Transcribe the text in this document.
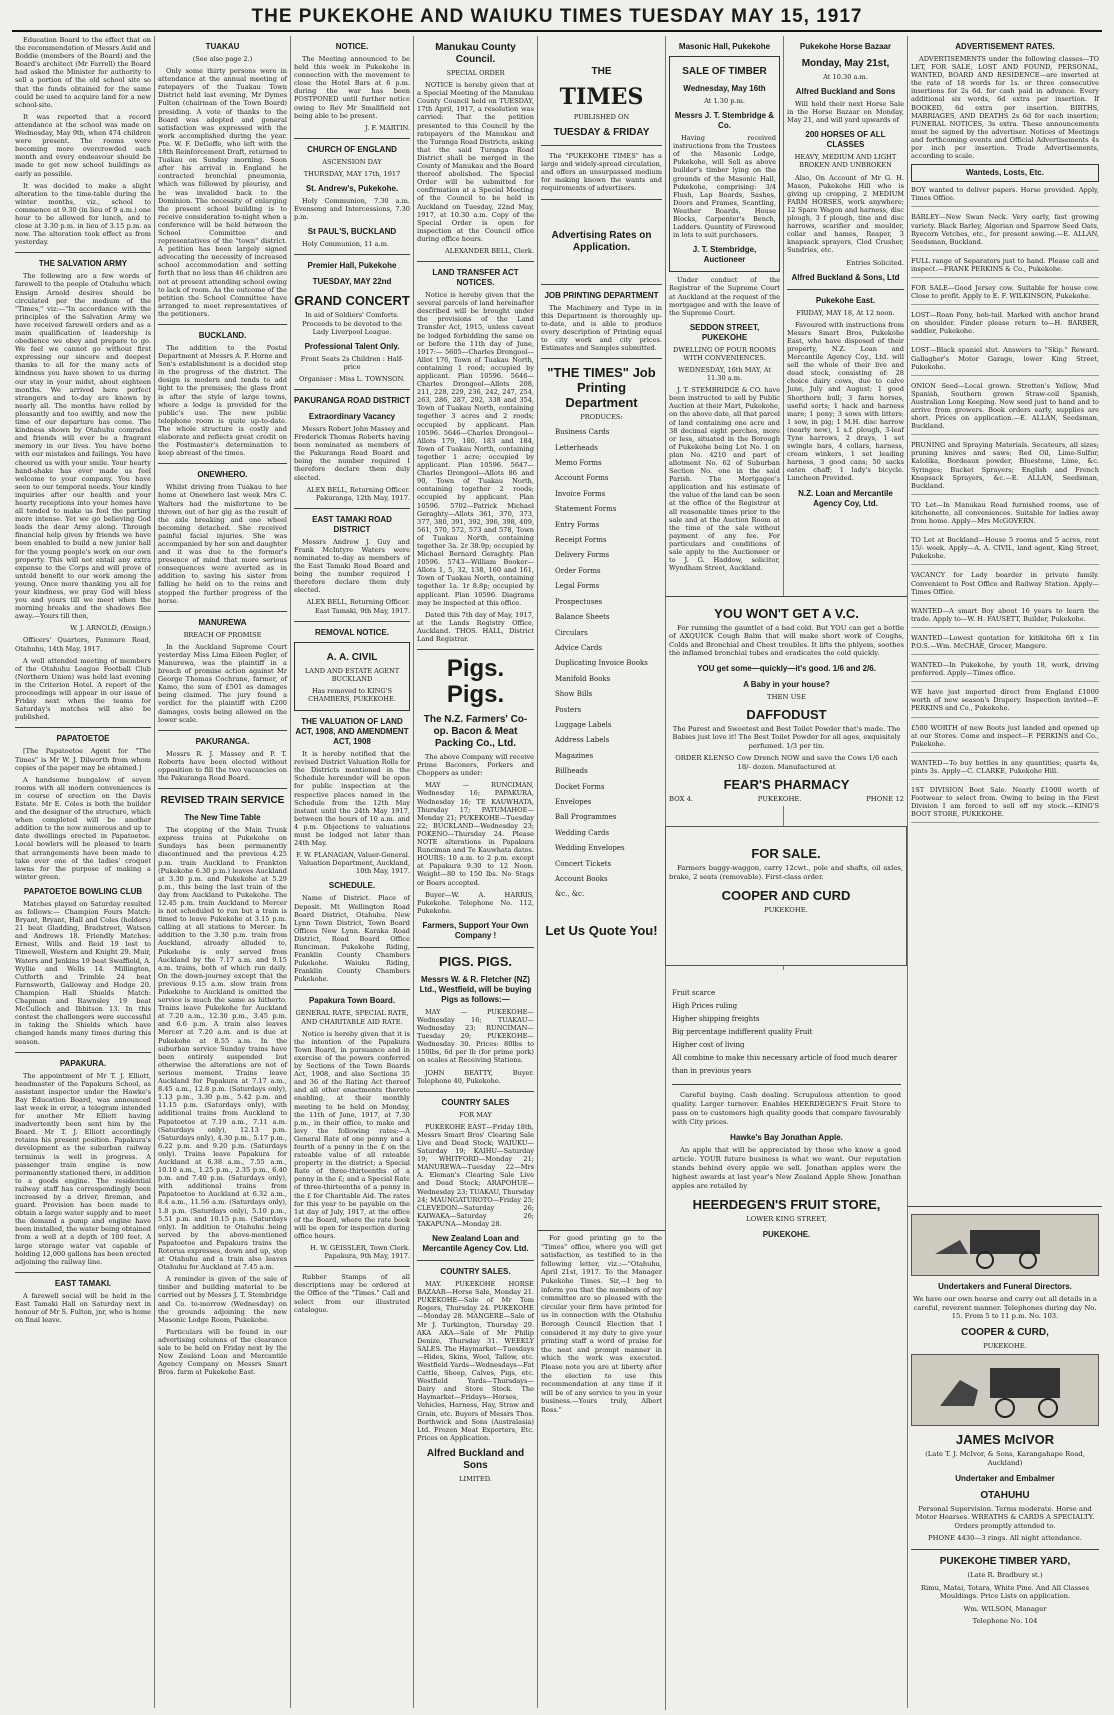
THE PUKEKOHE AND WAIUKU TIMES TUESDAY MAY 15, 1917

Education Board to the effect that on the recommendation of Messrs Auld and Boddie (members of the Board) and the Board's architect (Mr Farrell) the Board had asked the Minister for authority to sell a portion of the old school site so that the funds obtained for the same could be used to acquire land for a new school-site.

It was reported that a record attendance at the school was made on Wednesday, May 9th, when 474 children were present. The rooms were becoming more overcrowded each month and every endeavour should be made to get new school buildings as early as possible.

It was decided to make a slight alteration to the time-table during the winter months, viz., school to commence at 9.30 (in lieu of 9 a.m.) one hour to be allowed for lunch, and to close at 3.30 p.m. in lieu of 3.15 p.m. as now. The alteration took effect as from yesterday.

THE SALVATION ARMY

The following are a few words of farewell to the people of Otahuhu which Ensign Arnold desires should be circulated per the medium of the "Times," viz:—"In accordance with the principles of the Salvation Army we have received farewell orders and as a main qualification of leadership is obedience we obey and prepare to go. We feel we cannot go without first expressing our sincere and deepest thanks to all for the many acts of kindness you have shown to us during our stay in your midst, about eighteen months. We arrived here perfect strangers and to-day are known by nearly all. The months have rolled by pleasantly and too swiftly, and now the time of our departure has come. The kindness shown by Otahuhu comrades and friends will ever be a fragrant memory in our lives. You have borne with our mistakes and failings. You have cheered us with your smile. Your hearty hand-shake has ever made us feel welcome to your company. You have seen to our temporal needs. Your kindly inquiries after our health and your hearty receptions into your homes have all tended to make us feel the parting more intense. Yet we go believing God leads the dear Army along. Through financial help given by friends we have been enabled to build a new junior hall for the young people's work on our own property. This will not entail any extra expense to the Corps and will prove of untold benefit to our work among the young. Once more thanking you all for your kindness, we pray God will bless you and yours till we meet when the morning breaks and the shadows flee away.—Yours till then,

W. J. ARNOLD, (Ensign.)

Officers' Quarters, Panmure Road, Otahuhu, 14th May, 1917.

A well attended meeting of members of the Otahuhu League Football Club (Northern Union) was held last evening in the Criterion Hotel. A report of the proceedings will appear in our issue of Friday next when the teams for Saturday's matches will also be published.

PAPATOETOE

[The Papatoetoe Agent for "The Times" is Mr W. J. Dilworth from whom copies of the paper may be obtained.]

A handsome bungalow of seven rooms with all modern conveniences is in course of erection on the Davis Estate. Mr E. Coles is both the builder and the designer of the structure, which when completed will be another addition to the now numerous and up to date dwellings erected in Papatoetoe. Local bowlers will be pleased to learn that arrangements have been made to take over one of the ladies' croquet lawns for the purpose of making a winter green.

PAPATOETOE BOWLING CLUB

Matches played on Saturday resulted as follows:— Champion Fours Match: Bryant, Bryant, Hall and Coles (holders) 21 beat Gladding, Bradstreet, Watson and Andrews 18. Friendly Matches: Ernest, Wills and Reid 19 lost to Timewell, Western and Knight 29. Muir, Waters and Jenkins 19 beat Swaffield, A. Wyllie and Wells 14. Millington, Cutforth and Trimble 24 beat Farnsworth, Galloway and Hodge 20. Champion Hall Shields Match: Chapman and Rawnsley 19 beat McCulloch and Ibbitson 13. In this contest the challengers were successful in taking the Shields which have changed hands many times during this season.

PAPAKURA.

The appointment of Mr T. J. Elliott, headmaster of the Papakura School, as assistant inspector under the Hawke's Bay Education Board, was announced last week in error, a telegram intended for another Mr Elliott having inadvertently been sent him by the Board. Mr T. J. Elliott accordingly retains his present position. Papakura's development as the suburban railway terminus is well in progress. A passenger train engine is now permanently stationed there, in addition to a goods engine. The residential railway staff has correspondingly been increased by a driver, fireman, and guard. Provision has been made to obtain a large water supply and to meet the demand a pump and engine have been installed, the water being obtained from a well at a depth of 100 feet. A large storage water vat capable of holding 12,000 gallons has been erected adjoining the railway line.

EAST TAMAKI.

A farewell social will be held in the East Tamaki Hall on Saturday next in honour of Mr S. Fulton, jnr, who is home on final leave.

TUAKAU

(See also page 2.)

Only some thirty persons were in attendance at the annual meeting of ratepayers of the Tuakau Town District held last evening, Mr Dymes Fulton (chairman of the Town Board) presiding. A vote of thanks to the Board was adopted and general satisfaction was expressed with the work accomplished during the year. Pte. W. F. DeGoffe, who left with the 18th Reinforcement Draft, returned to Tuakau on Sunday morning. Soon after his arrival in England he contracted bronchial pneumonia, which was followed by pleurisy, and he was invalided back to the Dominion. The necessity of enlarging the present school building is to receive consideration to-night when a conference will be held between the School Committee and representatives of the "town" district. A petition has been largely signed advocating the necessity of increased school accommodation and setting forth that no less than 46 children are not at present attending school owing to lack of room. As the outcome of the petition the School Committee have arranged to meet representatives of the petitioners.

BUCKLAND.

The addition to the Postal Department at Messrs A. P. Horne and Son's establishment is a decided step in the progress of the district. The design is modern and tends to add light to the premises; the glass front is after the style of large towns, where a lodge is provided for the public's use. The new public telephone room is quite up-to-date. The whole structure is costly and elaborate and reflects great credit on the Postmaster's determination to keep abreast of the times.

ONEWHERO.

Whilst driving from Tuakau to her home at Onewhero last week Mrs C. Walters had the misfortune to be thrown out of her gig as the result of the axle breaking and one wheel becoming detached. She received painful facial injuries. She was accompanied by her son and daughter and it was due to the former's presence of mind that more serious consequences were averted as in addition to saving his sister from falling he held on to the reins and stopped the further progress of the horse.

MANUREWA

BREACH OF PROMISE

In the Auckland Supreme Court yesterday Miss Lima Eileen Pegler, of Manurewa, was the plaintiff in a breach of promise action against Mr George Thomas Cochrane, farmer, of Kamo, the sum of £501 as damages being claimed. The jury found a verdict for the plaintiff with £200 damages, costs being allowed on the lower scale.

PAKURANGA.

Messrs R. J. Massey and P. T. Roberts have been elected without opposition to fill the two vacancies on the Pakuranga Road Board.

REVISED TRAIN SERVICE
The New Time Table

The stopping of the Main Trunk express trains at Pukekohe on Sundays has been permanently discontinued and the previous 4.25 p.m. train Auckland to Frankton (Pukekohe 6.30 p.m.) leaves Auckland at 3.30 p.m. and Pukekohe at 5.29 p.m., this being the last train of the day from Auckland to Pukekohe. The 12.45 p.m. train Auckland to Mercer is not scheduled to run but a train is timed to leave Pukekohe at 3.15 p.m. calling at all stations to Mercer. In addition to the 3.30 p.m. train from Auckland, already alluded to, Pukekohe is only served from Auckland by the 7.17 a.m. and 9.15 a.m. trains, both of which run daily. On the down-journey except that the previous 9.15 a.m. slow train from Pukekohe to Auckland is omitted the service is much the same as hitherto. Trains leave Pukekohe for Auckland at 7.20 a.m., 12.30 p.m., 3.45 p.m. and 6.6 p.m. A train also leaves Mercer at 7.20 a.m. and is due at Pukekohe at 8.55 a.m. In the suburban service Sunday trains have been entirely suspended but otherwise the alterations are not of serious moment. Trains leave Auckland for Papakura at 7.17 a.m., 8.45 a.m., 12.8 p.m. (Saturdays only), 1.13 p.m., 3.30 p.m., 5.42 p.m. and 11.15 p.m. (Saturdays only), with additional trains from Auckland to Papatoetoe at 7.19 a.m., 7.11 a.m. (Saturdays only), 12.13 p.m. (Saturdays only), 4.30 p.m., 5.17 p.m., 6.22 p.m. and 9.20 p.m. (Saturdays only). Trains leave Papakura for Auckland at 6.38 a.m., 7.55 a.m., 10.10 a.m., 1.25 p.m., 2.35 p.m., 6.40 p.m. and 7.40 p.m. (Saturdays only), with additional trains from Papatoetoe to Auckland at 6.32 a.m., 8.4 a.m., 11.56 a.m. (Saturdays only), 1.8 p.m. (Saturdays only), 5.10 p.m., 5.51 p.m. and 10.15 p.m. (Saturdays only). In addition to Otahuhu being served by the above-mentioned Papatoetoe and Papakura trains the Rotorua expresses, down and up, stop at Otahuhu and a train also leaves Otahuhu for Auckland at 7.45 a.m.

A reminder is given of the sale of timber and building material to be carried out by Messrs J. T. Stembridge and Co. to-morrow (Wednesday) on the grounds adjoining the new Masonic Lodge Room, Pukekohe.

Particulars will be found in our advertising columns of the clearance sale to be held on Friday next by the New Zealand Loan and Mercantile Agency Company on Messrs Smart Bros. farm at Pukekohe East.

NOTICE.

The Meeting announced to be held this week in Pukekohe in connection with the movement to close the Hotel Bars at 6 p.m. during the war has been POSTPONED until further notice owing to Rev Mr Smallfield not being able to be present.

J. F. MARTIN.

CHURCH OF ENGLAND

ASCENSION DAY

THURSDAY, MAY 17th, 1917

St. Andrew's, Pukekohe.

Holy Communion, 7.30 a.m. Evensong and Intercessions, 7.30 p.m.

St PAUL'S, BUCKLAND

Holy Communion, 11 a.m.

Premier Hall, Pukekohe
TUESDAY, MAY 22nd
GRAND CONCERT

In aid of Soldiers' Comforts. Proceeds to be devoted to the Lady Liverpool League.

Professional Talent Only.

Front Seats 2s Children : Half-price

Organiser : Miss L. TOWNSON.

PAKURANGA ROAD DISTRICT
Extraordinary Vacancy

Messrs Robert John Massey and Frederick Thomas Roberts having been nominated as members of the Pakuranga Road Board and being the number required I therefore declare them duly elected.

ALEX BELL, Returning Officer. Pakuranga, 12th May, 1917.

EAST TAMAKI ROAD DISTRICT

Messrs Andrew J. Guy and Frank McIntyre Waters were nominated to-day as members of the East Tamaki Road Board and being the number required I therefore declare them duly elected.

ALEX BELL, Returning Officer. East Tamaki, 9th May, 1917.

REMOVAL NOTICE.
A. A. CIVIL

LAND AND ESTATE AGENT BUCKLAND

Has removed to KING'S CHAMBERS, PUKEKOHE.

THE VALUATION OF LAND ACT, 1908, AND AMENDMENT ACT, 1908

It is hereby notified that the revised District Valuation Rolls for the Districts mentioned in the Schedule hereunder will be open for public inspection at the respective places named in the Schedule from the 12th May instant until the 24th May 1917, between the hours of 10 a.m. and 4 p.m. Objections to valuations must be lodged not later than 24th May.

F. W. FLANAGAN, Valuer-General. Valuation Department, Auckland, 10th May, 1917.

SCHEDULE.

Name of District. Place of Deposit. Mt Wellington Road Board District, Otahuhu. New Lynn Town District, Town Board Offices New Lynn. Karaka Road District, Road Board Office Runciman. Pukekohe Riding, Franklin County Chambers Pukekohe. Waiuku Riding, Franklin County Chambers Pukekohe.

Papakura Town Board.

GENERAL RATE, SPECIAL RATE, AND CHARITABLE AID RATE.

Notice is hereby given that it is the intention of the Papakura Town Board, in pursuance and in exercise of the powers conferred by Sections of the Town Boards Act, 1908, and also Sections 35 and 36 of the Rating Act thereof and all other enactments thereto enabling, at their monthly meeting to be held on Monday, the 11th of June, 1917, at 7.30 p.m., in their office, to make and levy the following rates:—A General Rate of one penny and a fourth of a penny in the £ on the rateable value of all rateable property in the district; a Special Rate of three-thirteenths of a penny in the £; and a Special Rate of three-thirteenths of a penny in the £ for Charitable Aid. The rates for this year to be payable on the 1st day of July, 1917, at the office of the Board, where the rate book will be open for inspection during office hours.

H. W. GEISSLER, Town Clerk. Papakura, 9th May, 1917.

Rubber Stamps of all descriptions may be ordered at the Office of the "Times." Call and select from our illustrated catalogue.

Manukau County Council.

SPECIAL ORDER

NOTICE is hereby given that at a Special Meeting of the Manukau County Council held on TUESDAY, 17th April, 1917, a resolution was carried: That the petition presented to this Council by the ratepayers of the Manukau and the Turanga Road Districts, asking that the said Turanga Road District shall be merged in the County of Manukau and the Board thereof abolished. The Special Order will be submitted for confirmation at a Special Meeting of the Council to be held in Auckland on Tuesday, 22nd May, 1917, at 10.30 a.m. Copy of the Special Order is open for inspection at the Council office during office hours.

ALEXANDER BELL, Clerk.

LAND TRANSFER ACT NOTICES.

Notice is hereby given that the several parcels of land hereinafter described will be brought under the provisions of the Land Transfer Act, 1915, unless caveat be lodged forbidding the same on or before the 11th day of June, 1917:— 5605—Charles Drongool—Allot 176, Town of Tuakau North, containing 1 rood; occupied by applicant. Plan 10596. 5646—Charles Drongool—Allots 208, 211, 228, 229, 236, 242, 247, 254, 263, 286, 287, 292, 338 and 354, Town of Tuakau North, containing together 3 acres and 2 roods; occupied by applicant. Plan 10596. 5646—Charles Drongool—Allots 179, 180, 183 and 184, Town of Tuakau North, containing together 1 acre; occupied by applicant. Plan 10596. 5647—Charles Drongool—Allots 86 and 90, Town of Tuakau North, containing together 2 roods; occupied by applicant. Plan 10596. 5702—Patrick Michael Geraghty—Allots 361, 370, 373, 377, 380, 391, 392, 396, 398, 409, 561, 570, 572, 573 and 578, Town of Tuakau North, containing together 3a. 2r 38.9p; occupied by Michael Bernard Geraghty. Plan 10596. 5743—William Booker—Allots 1, 5, 32, 138, 160 and 161, Town of Tuakau North, containing together 1a. 1r 8.8p; occupied by applicant. Plan 10596. Diagrams may be inspected at this office.

Dated this 7th day of May, 1917, at the Lands Registry Office, Auckland. THOS. HALL, District Land Registrar.

Pigs. Pigs.
The N.Z. Farmers' Co-op. Bacon & Meat Packing Co., Ltd.

The above Company will receive Prime Baconers, Porkers and Choppers as under:

MAY — RUNCIMAN, Wednesday 16; PAPAKURA, Wednesday 16; TE KAUWHATA, Thursday 17; PATUMAHOE—Monday 21; PUKEKOHE—Tuesday 22; BUCKLAND—Wednesday 23; POKENO—Thursday 24. Please NOTE alterations in Papakura Runciman and Te Kauwhata dates. HOURS: 10 a.m. to 2 p.m. except at Papakura 9.30 to 12 Noon. Weight—80 to 150 lbs. No Stags or Boars accepted.

Buyer—W. A. HARRIS, Pukekohe. Telephone No. 112, Pukekohe.

Farmers, Support Your Own Company !
PIGS. PIGS.
Messrs W. & R. Fletcher (NZ) Ltd., Westfield, will be buying Pigs as follows:—

MAY — PUKEKOHE—Wednesday 16; TUAKAU—Wednesday 23; RUNCIMAN—Tuesday 29; PUKEKOHE—Wednesday 30. Prices: 80lbs to 150lbs, 6d per lb (for prime pork) on scales at Receiving Stations.

JOHN BEATTY, Buyer. Telephone 40, Pukekohe.

COUNTRY SALES

FOR MAY

PUKEKOHE EAST—Friday 18th, Messrs Smart Bros' Clearing Sale Live and Dead Stock; WAIUKU—Saturday 19; KAIHU—Saturday 19; WHITFORD—Monday 21; MANUREWA—Tuesday 22—Mrs A. Eleman's Clearing Sale Live and Dead Stock; ARAPOHUE—Wednesday 23; TUAKAU, Thursday 24; MAUNGATUROTO—Friday 25; CLEVEDON—Saturday 26; KAIWAKA—Saturday 26; TAKAPUNA—Monday 28.

New Zealand Loan and Mercantile Agency Cov. Ltd.
COUNTRY SALES.

MAY. PUKEKOHE HORSE BAZAAR—Horse Sale, Monday 21. PUKEKOHE—Sale of Mr Tom Rogers, Thursday 24. PUKEKOHE—Monday 28. MANGERE—Sale of Mr J. Turkington, Thursday 29. AKA AKA—Sale of Mr Philip Denize, Thursday 31. WEEKLY SALES. The Haymarket—Tuesdays—Hides, Skins, Wool, Tallow, etc. Westfield Yards—Wednesdays—Fat Cattle, Sheep, Calves, Pigs, etc. Westfield Yards—Thursdays—Dairy and Store Stock. The Haymarket—Fridays—Horses, Vehicles, Harness, Hay, Straw and Grain, etc. Buyers of Messrs Thos. Borthwick and Sons (Australasia) Ltd. Frozen Meat Exporters, Etc. Prices on Application.

Alfred Buckland and Sons

LIMITED.

THE
TIMES

PUBLISHED ON

TUESDAY & FRIDAY

The "PUKEKOHE TIMES" has a large and widely-spread circulation, and offers an unsurpassed medium for making known the wants and requirements of advertisers.

Advertising Rates on Application.
JOB PRINTING DEPARTMENT

The Machinery and Type in in this Department is thoroughly up-to-date, and is able to produce every description of Printing equal to city work and city prices. Estimates and Samples submitted.

"THE TIMES" Job Printing Department

PRODUCES:

Business Cards
Letterheads
Memo Forms
Account Forms
Invoice Forms
Statement Forms
Entry Forms
Receipt Forms
Delivery Forms
Order Forms
Legal Forms
Prospectuses
Balance Sheets
Circulars
Advice Cards
Duplicating Invoice Books
Manifold Books
Show Bills
Posters
Luggage Labels
Address Labels
Magazines
Billheads
Docket Forms
Envelopes
Ball Programmes
Wedding Cards
Wedding Envelopes
Concert Tickets
Account Books
&c., &c.
Let Us Quote You!
Masonic Hall, Pukekohe
SALE OF TIMBER
Wednesday, May 16th

At 1.30 p.m.

Messrs J. T. Stembridge & Co.

Having received instructions from the Trustees of the Masonic Lodge, Pukekohe, will Sell as above builder's timber lying on the grounds of the Masonic Hall, Pukekohe, comprising: 3/4 Flush, Lap Boards, Sashes, Doors and Frames, Scantling, Weather Boards, House Blocks, Carpenter's Bench, Ladders. Quantity of Firewood in lots to suit purchasers.

J. T. Stembridge, Auctioneer

Under conduct of the Registrar of the Supreme Court at Auckland at the request of the mortgagee and with the leave of the Supreme Court.

SEDDON STREET, PUKEKOHE

DWELLING OF FOUR ROOMS WITH CONVENIENCES.

WEDNESDAY, 16th MAY, At 11.30 a.m.

J. T. STEMBRIDGE & CO. have been instructed to sell by Public Auction at their Mart, Pukekohe, on the above date, all that parcel of land containing one acre and 38 decimal eight perches, more or less, situated in the Borough of Pukekohe being Lot No. 1 on plan No. 4210 and part of allotment No. 62 of Suburban Section No. one in the said Parish. The Mortgagee's application and his estimate of the value of the land can be seen at the office of the Registrar at all reasonable times prior to the sale and at the Auction Room at the time of the sale without payment of any fee. For particulars and conditions of sale apply to the Auctioneer or to J. G. Haddow, solicitor, Wyndham Street, Auckland.

Pukekohe Horse Bazaar
Monday, May 21st,

At 10.30 a.m.

Alfred Buckland and Sons

Will hold their next Horse Sale in the Horse Bazaar on Monday, May 21, and will yard upwards of

200 HORSES OF ALL CLASSES

HEAVY, MEDIUM AND LIGHT BROKEN AND UNBROKEN

Also, On Account of Mr G. H. Mason, Pukekohe Hill who is giving up cropping, 2 MEDIUM FARM HORSES, work anywhere; 12 Spare Wagon and harness, disc plough, 3 f plough, tine and disc harrows, scarifier and moulder, collar and hames, Reaper, 3 knapsack sprayers, Clod Crusher, Sundries, etc.

Entries Solicited.

Alfred Buckland & Sons, Ltd
Pukekohe East.

FRIDAY, MAY 18, At 12 noon.

Favoured with instructions from Messrs Smart Bros, Pukekohe East, who have disposed of their property, N.Z. Loan and Mercantile Agency Coy., Ltd. will sell the whole of their live and dead stock, consisting of: 28 choice dairy cows, due to calve June, July and August; 1 good Shorthorn bull; 3 farm horses, useful sorts; 1 hack and harness mare; 1 pony; 3 sows with litters; 1 sow, in pig; 1 M.H. disc harrow (nearly new), 1 s.f. plough, 3-leaf Tyne harrows, 2 drays, 1 set swingle bars, 4 collars, harness, cream winkers, 1 set leading harness, 3 good cans; 50 sacks eaten chaff; 1 lady's bicycle. Luncheon Provided.

N.Z. Loan and Mercantile Agency Coy, Ltd.
ADVERTISEMENT RATES.

ADVERTISEMENTS under the following classes—TO LET, FOR SALE, LOST AND FOUND, PERSONAL, WANTED, BOARD AND RESIDENCE—are inserted at the rate of 18 words for 1s. or three consecutive insertions for 2s 6d. for cash paid in advance. Every additional six words, 6d extra per insertion. If BOOKED, 6d extra per insertion. BIRTHS, MARRIAGES, AND DEATHS 2s 6d for each insertion; FUNERAL NOTICES, 3s extra. These announcements must be signed by the advertiser. Notices of Meetings and forthcoming events and Official Advertisements 4s per inch per insertion. Trade Advertisements, according to scale.

Wanteds, Losts, Etc.

BOY wanted to deliver papers. Horse provided. Apply, Times Office.

BARLEY—New Swan Neck. Very early, fast growing variety. Black Barley, Algerian and Sparrow Seed Oats, Ryecorn Vetches, etc., for present sowing.—E. ALLAN, Seedsman, Buckland.

FULL range of Separators just to hand. Please call and inspect.—FRANK PERKINS & Co., Pukekohe.

FOR SALE—Good Jersey cow. Suitable for house cow. Close to profit. Apply to E. F. WILKINSON, Pukekohe.

LOST—Roan Pony, bob-tail. Marked with anchor brand on shoulder. Finder please return to—H. BARBER, saddler, Pukekohe.

LOST—Black spaniel slut. Answers to "Skip." Reward. Gallagher's Motor Garage, lower King Street, Pukekohe.

ONION Seed—Local grown. Stretton's Yellow, Mud Spanish, Southern grown Straw-coil Spanish, Australian Long Keeping. New seed just to hand and to arrive from growers. Book orders early, supplies are short. Prices on application.—E. ALLAN, Seedsman, Buckland.

PRUNING and Spraying Materials. Secateurs, all sizes; pruning knives and saws; Red Oil, Lime-Sulfur, Kalolika, Bordeaux powder, Bluestone, Lime, &c. Syringes; Bucket Sprayers; English and French Knapsack Sprayers, &c.—E. ALLAN, Seedsman, Buckland.

TO Let—In Manukau Road furnished rooms, use of kitchenette, all conveniences. Suitable for ladies away from home. Apply—Mrs McGOVERN.

TO Let at Buckland—House 5 rooms and 5 acres, rent 15/- week. Apply—A. A. CIVIL, land agent, King Street, Pukekohe.

VACANCY for Lady boarder in private family. Convenient to Post Office and Railway Station. Apply—Times Office.

WANTED—A smart Boy about 16 years to learn the trade. Apply to—W. H. FAUSETT, Builder, Pukekohe.

WANTED—Lowest quotation for kitikitoha 6ft x 1in P.O.S.—Wm. McCHAE, Grocer, Mangere.

WANTED—In Pukekohe, by youth 18, work, driving preferred. Apply—Times office.

WE have just imported direct from England £1000 worth of new season's Drapery. Inspection invited—F. PERKINS and Co., Pukekohe.

£500 WORTH of new Boots just landed and opened up at our Stores. Come and inspect—F. PERKINS and Co., Pukekohe.

WANTED—To buy bottles in any quantities; quarts 4s, pints 3s. Apply—C. CLARKE, Pukekohe Hill.

1ST DIVISION Boot Sale. Nearly £1000 worth of Footwear to select from. Owing to being in the First Division I am forced to sell off my stock.—KING'S BOOT STORE, PUKEKOHE.

YOU WON'T GET A V.C.

For running the gauntlet of a bad cold. But YOU can get a bottle of AXQUICK Cough Balm that will make short work of Coughs, Colds and Bronchial and Chest troubles. It lifts the phlyem, soothes the inflamed bronchial tubes and eradicates the cold quickly.

YOU get some—quickly—it's good. 1/6 and 2/6.
A Baby in your house?

THEN USE

DAFFODUST

The Purest and Sweetest and Best Toilet Powder that's made. The Babies just love it! The Best Toilet Powder for all ages, exquisitely perfumed. 1/3 per tin.

ORDER KLENSO Cow Drench NOW and save the Cows 1/6 each 18/- dozen. Manufactured at

FEAR'S PHARMACY
BOX 4.	PUKEKOHE.	PHONE 12
FOR SALE.

Farmers buggy-waggon, carry 12cwt., pole and shafts, oil axles, brake, 2 seats (removable). First-class order.

COOPER AND CURD

PUKEKOHE.

Fruit scarce
High Prices ruling
Higher shipping freights
Big percentage indifferent quality Fruit
Higher cost of living
All combine to make this necessary article of food much dearer than in previous years

Careful buying. Cash dealing. Scrupulous attention to good quality. Larger turnover. Enables HEERDEGEN'S Fruit Store to pass on to customers high quality goods that compare favourably with City prices.

Hawke's Bay Jonathan Apple.

An apple that will be appreciated by those who know a good article. YOUR future business is what we want. Our reputation stands behind every apple we sell. Jonathan apples were the highest awards at last year's New Zealand Apple Show. Jonathan apples are retailed by

HEERDEGEN'S FRUIT STORE,

LOWER KING STREET,

PUKEKOHE.

For good printing go to the "Times" office, where you will get satisfaction, as testified to in the following letter, viz.:—"Otahuhu, April 21st, 1917. To the Manager Pukekohe Times. Sir,—I beg to inform you that the members of my committee are so pleased with the circular your firm have printed for us in connection with the Otahuhu Borough Council Election that I considered it my duty to give your printing staff a word of praise for the neat and prompt manner in which the work was executed. Please note you are at liberty after the election to use this recommendation at any time if it will be of any service to you in your business.—Yours truly, Albert Ross."

Undertakers and Funeral Directors.

We have our own hearse and carry out all details in a careful, reverent manner. Telephones during day No. 15. From 5 to 11 p.m. No. 103.

COOPER & CURD,

PUKEKOHE.

JAMES McIVOR

(Late T. J. McIvor, & Sons, Karangahape Road, Auckland)

Undertaker and Embalmer
OTAHUHU

Personal Supervision. Terms moderate. Horse and Motor Hearses. WREATHS & CARDS A SPECIALTY. Orders promptly attended to.

PHONE 4430—3 rings. All night attendance.

PUKEKOHE TIMBER YARD,

(Late R. Bradbury st.)

Rimu, Matai, Totara, White Pine. And All Classes Mouldings. Price Lists on application.

Wm. WILSON, Manager

Telephone No. 104
